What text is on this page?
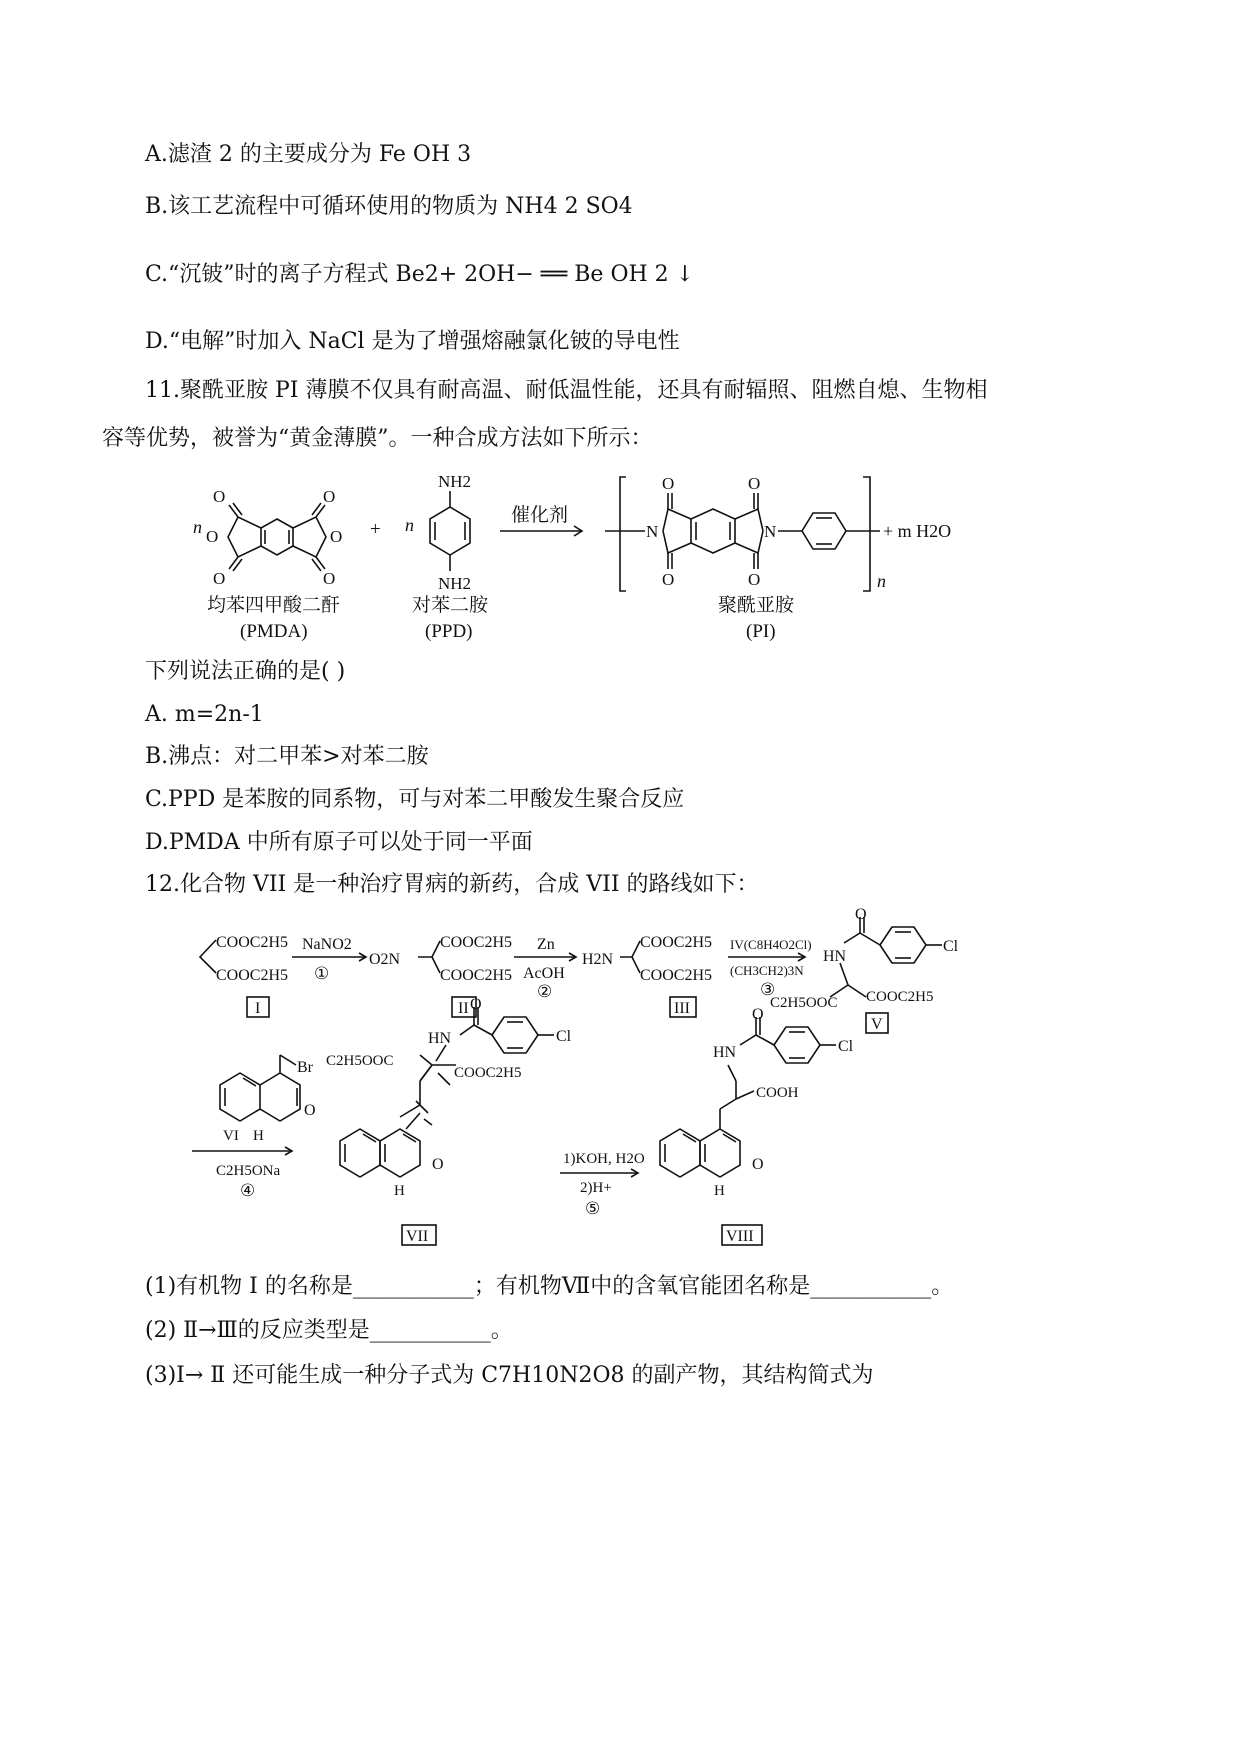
A.滤渣 2 的主要成分为 Fe OH 3
B.该工艺流程中可循环使用的物质为 NH4 2 SO4
C.“沉铍”时的离子方程式 Be2+ 2OH− ══ Be OH 2 ↓
D.“电解”时加入 NaCl 是为了增强熔融氯化铍的导电性
11.聚酰亚胺 PI 薄膜不仅具有耐高温、耐低温性能，还具有耐辐照、阻燃自熄、生物相
容等优势，被誉为“黄金薄膜”。一种合成方法如下所示：
n
O	O
O	O
O	O
均苯四甲酸二酐
(PMDA)
+ n
NH2
NH2
对苯二胺
(PPD)
催化剂
N	N
O	O
O	O
+ m H2O
n
聚酰亚胺
(PI)
下列说法正确的是( )
A. m=2n-1
B.沸点：对二甲苯>对苯二胺
C.PPD 是苯胺的同系物，可与对苯二甲酸发生聚合反应
D.PMDA 中所有原子可以处于同一平面
12.化合物 VII 是一种治疗胃病的新药，合成 VII 的路线如下：
COOC2H5
COOC2H5
I
NaNO2
①
O2N
COOC2H5
COOC2H5
II
Zn
AcOH
②
H2N
COOC2H5
COOC2H5
III
IV(C8H4O2Cl)
(CH3CH2)3N
③
O
HN
Cl
C2H5OOC COOC2H5
V
Br
O
VI H
C2H5ONa
④
O
HN	Cl
C2H5OOC
COOC2H5
O
H
VII
1)KOH, H2O
2)H+
⑤
O
HN	Cl
COOH
O
H
VIII
(1)有机物 I 的名称是___________；有机物Ⅶ中的含氧官能团名称是___________。
(2) Ⅱ→Ⅲ的反应类型是___________。
(3)I→ Ⅱ 还可能生成一种分子式为 C7H10N2O8 的副产物，其结构简式为
